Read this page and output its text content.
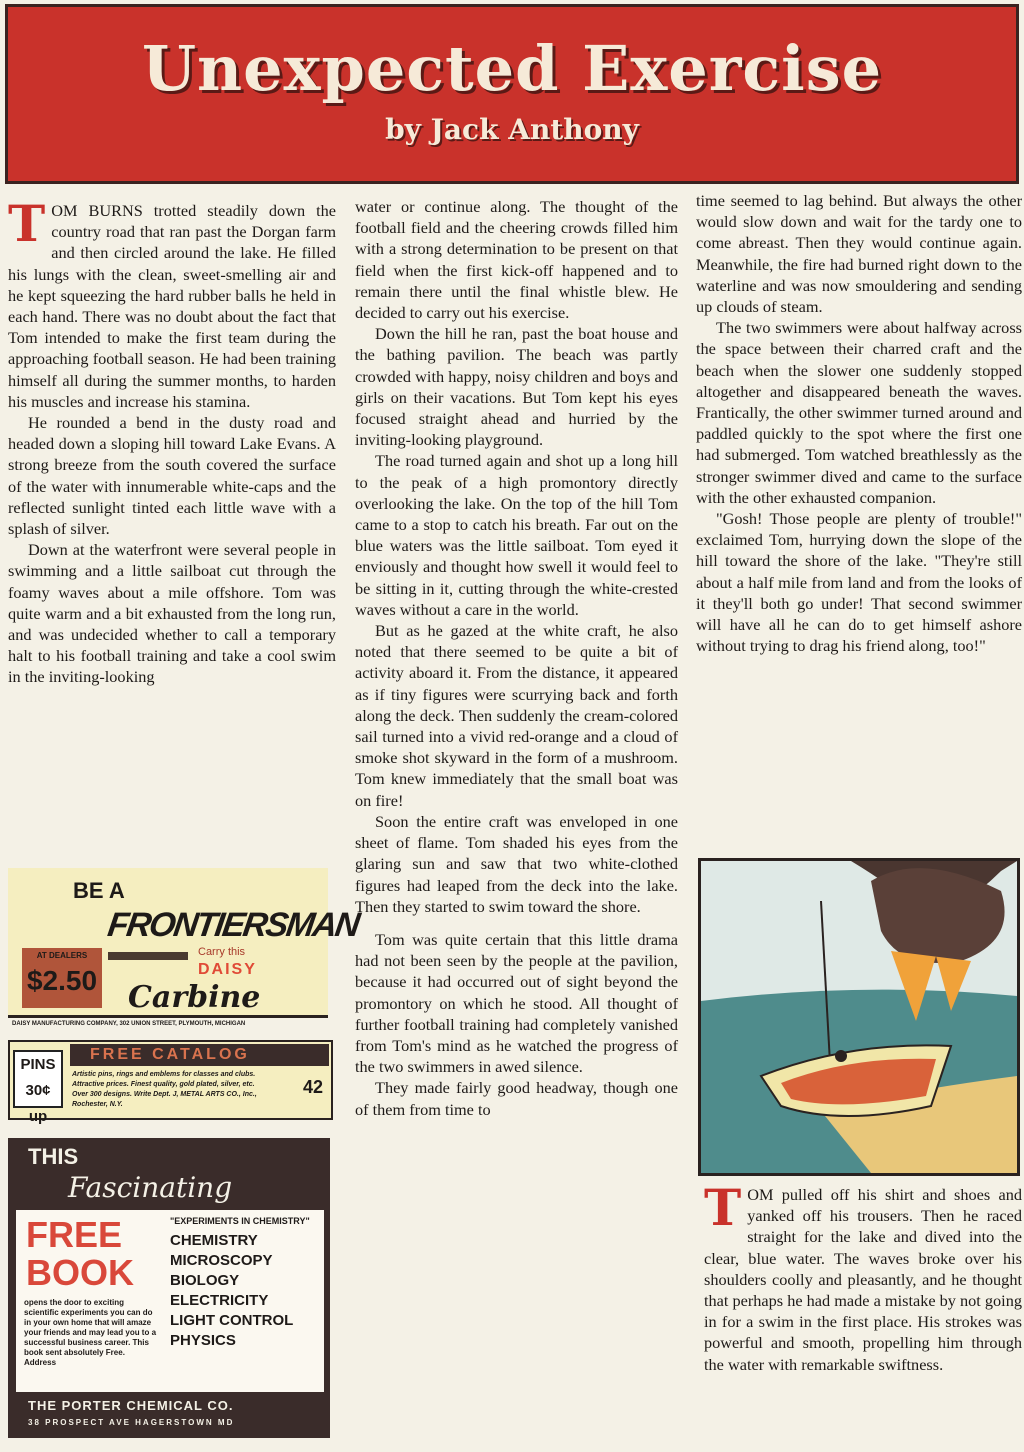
Unexpected Exercise
by Jack Anthony

TOM BURNS trotted steadily down the country road that ran past the Dorgan farm and then circled around the lake. He filled his lungs with the clean, sweet-smelling air and he kept squeezing the hard rubber balls he held in each hand. There was no doubt about the fact that Tom intended to make the first team during the approaching football season. He had been training himself all during the summer months, to harden his muscles and increase his stamina.

He rounded a bend in the dusty road and headed down a sloping hill toward Lake Evans. A strong breeze from the south covered the surface of the water with innumerable white-caps and the reflected sunlight tinted each little wave with a splash of silver.

Down at the waterfront were several people in swimming and a little sailboat cut through the foamy waves about a mile offshore. Tom was quite warm and a bit exhausted from the long run, and was undecided whether to call a temporary halt to his football training and take a cool swim in the inviting-looking

water or continue along. The thought of the football field and the cheering crowds filled him with a strong determination to be present on that field when the first kick-off happened and to remain there until the final whistle blew. He decided to carry out his exercise.

Down the hill he ran, past the boat house and the bathing pavilion. The beach was partly crowded with happy, noisy children and boys and girls on their vacations. But Tom kept his eyes focused straight ahead and hurried by the inviting-looking playground.

The road turned again and shot up a long hill to the peak of a high promontory directly overlooking the lake. On the top of the hill Tom came to a stop to catch his breath. Far out on the blue waters was the little sailboat. Tom eyed it enviously and thought how swell it would feel to be sitting in it, cutting through the white-crested waves without a care in the world.

But as he gazed at the white craft, he also noted that there seemed to be quite a bit of activity aboard it. From the distance, it appeared as if tiny figures were scurrying back and forth along the deck. Then suddenly the cream-colored sail turned into a vivid red-orange and a cloud of smoke shot skyward in the form of a mushroom. Tom knew immediately that the small boat was on fire!

Soon the entire craft was enveloped in one sheet of flame. Tom shaded his eyes from the glaring sun and saw that two white-clothed figures had leaped from the deck into the lake. Then they started to swim toward the shore.

Tom was quite certain that this little drama had not been seen by the people at the pavilion, because it had occurred out of sight beyond the promontory on which he stood. All thought of further football training had completely vanished from Tom's mind as he watched the progress of the two swimmers in awed silence.

They made fairly good headway, though one of them from time to

time seemed to lag behind. But always the other would slow down and wait for the tardy one to come abreast. Then they would continue again. Meanwhile, the fire had burned right down to the waterline and was now smouldering and sending up clouds of steam.

The two swimmers were about halfway across the space between their charred craft and the beach when the slower one suddenly stopped altogether and disappeared beneath the waves. Frantically, the other swimmer turned around and paddled quickly to the spot where the first one had submerged. Tom watched breathlessly as the stronger swimmer dived and came to the surface with the other exhausted companion.

"Gosh! Those people are plenty of trouble!" exclaimed Tom, hurrying down the slope of the hill toward the shore of the lake. "They're still about a half mile from land and from the looks of it they'll both go under! That second swimmer will have all he can do to get himself ashore without trying to drag his friend along, too!"

TOM pulled off his shirt and shoes and yanked off his trousers. Then he raced straight for the lake and dived into the clear, blue water. The waves broke over his shoulders coolly and pleasantly, and he thought that perhaps he had made a mistake by not going in for a swim in the first place. His strokes was powerful and smooth, propelling him through the water with remarkable swiftness.

BE A
FRONTIERSMAN
AT DEALERS
$2.50
Carry this
DAISY
Carbine
DAISY MANUFACTURING COMPANY, 302 UNION STREET, PLYMOUTH, MICHIGAN
FREE CATALOG
PINS
30¢ up
Artistic pins, rings and emblems for classes and clubs. Attractive prices. Finest quality, gold plated, silver, etc. Over 300 designs. Write Dept. J, METAL ARTS CO., Inc., Rochester, N.Y.
42
THIS
Fascinating
FREE
BOOK
opens the door to exciting scientific experiments you can do in your own home that will amaze your friends and may lead you to a successful business career. This book sent absolutely Free. Address
"EXPERIMENTS IN CHEMISTRY"
CHEMISTRY
MICROSCOPY
BIOLOGY
ELECTRICITY
LIGHT CONTROL
PHYSICS
THE PORTER CHEMICAL CO.
38 PROSPECT AVE HAGERSTOWN MD
